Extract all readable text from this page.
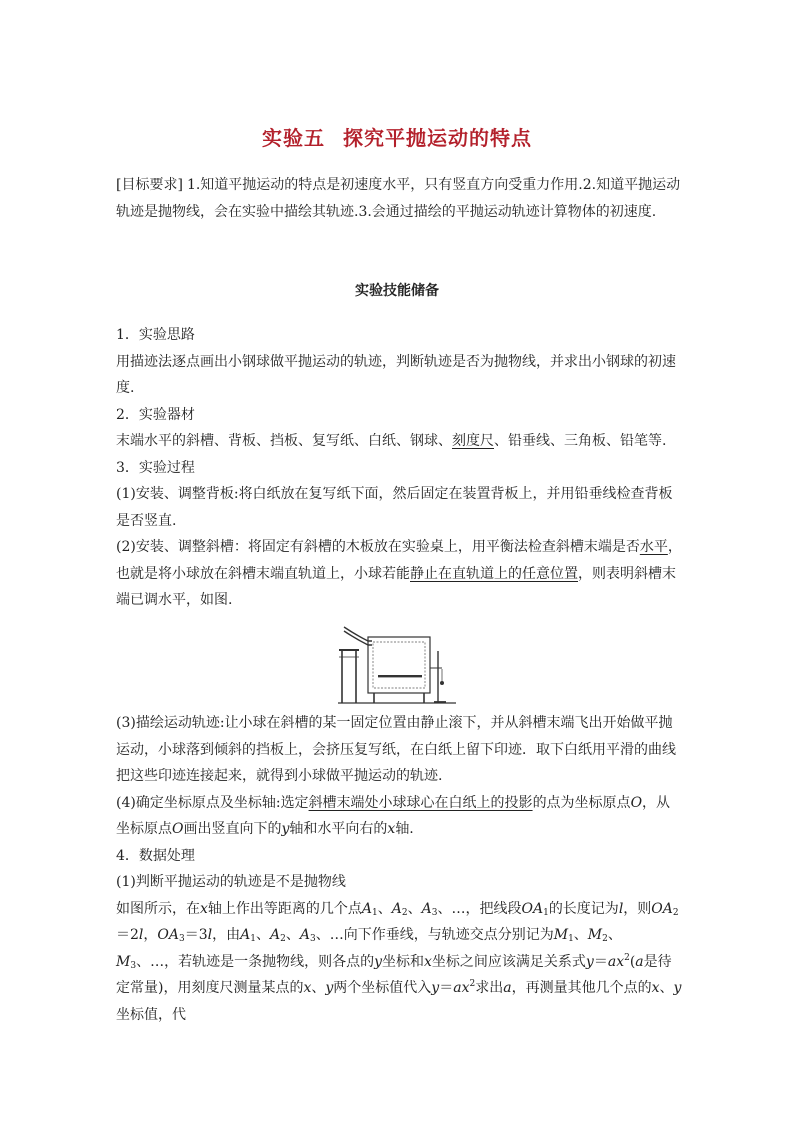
实验五 探究平抛运动的特点

[目标要求] 1.知道平抛运动的特点是初速度水平，只有竖直方向受重力作用.2.知道平抛运动轨迹是抛物线，会在实验中描绘其轨迹.3.会通过描绘的平抛运动轨迹计算物体的初速度.

实验技能储备

1．实验思路

用描迹法逐点画出小钢球做平抛运动的轨迹，判断轨迹是否为抛物线，并求出小钢球的初速度.

2．实验器材

末端水平的斜槽、背板、挡板、复写纸、白纸、钢球、刻度尺、铅垂线、三角板、铅笔等.

3．实验过程

(1)安装、调整背板:将白纸放在复写纸下面，然后固定在装置背板上，并用铅垂线检查背板是否竖直.

(2)安装、调整斜槽：将固定有斜槽的木板放在实验桌上，用平衡法检查斜槽末端是否水平，也就是将小球放在斜槽末端直轨道上，小球若能静止在直轨道上的任意位置，则表明斜槽末端已调水平，如图.

(3)描绘运动轨迹:让小球在斜槽的某一固定位置由静止滚下，并从斜槽末端飞出开始做平抛运动，小球落到倾斜的挡板上，会挤压复写纸，在白纸上留下印迹．取下白纸用平滑的曲线把这些印迹连接起来，就得到小球做平抛运动的轨迹.

(4)确定坐标原点及坐标轴:选定斜槽末端处小球球心在白纸上的投影的点为坐标原点O，从坐标原点O画出竖直向下的y轴和水平向右的x轴.

4．数据处理

(1)判断平抛运动的轨迹是不是抛物线

如图所示，在x轴上作出等距离的几个点$A_1$、$A_2$、$A_3$、…，把线段$OA_1$的长度记为l，则$OA_2=2l$，$OA_3=3l$，由$A_1$、$A_2$、$A_3$、…向下作垂线，与轨迹交点分别记为$M_1$、$M_2$、$M_3$、…，若轨迹是一条抛物线，则各点的y坐标和x坐标之间应该满足关系式$y=ax^2(a$是待定常量)，用刻度尺测量某点的x、y两个坐标值代入$y=ax^2$求出a，再测量其他几个点的x、y坐标值，代
